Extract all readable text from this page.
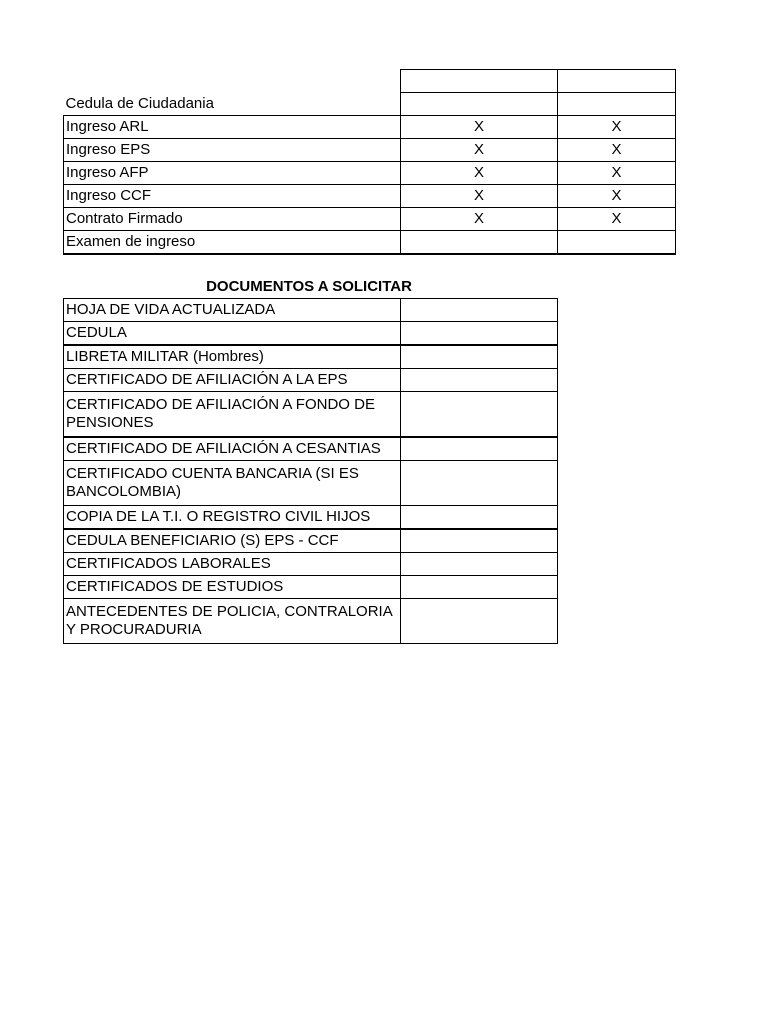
Cedula de Ciudadania		
Ingreso ARL	X	X
Ingreso EPS	X	X
Ingreso AFP	X	X
Ingreso CCF	X	X
Contrato Firmado	X	X
Examen de ingreso		
DOCUMENTOS A SOLICITAR
HOJA DE VIDA ACTUALIZADA	
CEDULA	
LIBRETA MILITAR (Hombres)	
CERTIFICADO DE AFILIACIÓN A LA EPS	
CERTIFICADO DE AFILIACIÓN A FONDO DE PENSIONES	
CERTIFICADO DE AFILIACIÓN A CESANTIAS	
CERTIFICADO CUENTA BANCARIA (SI ES BANCOLOMBIA)	
COPIA DE LA T.I. O REGISTRO CIVIL HIJOS	
CEDULA BENEFICIARIO (S) EPS - CCF	
CERTIFICADOS LABORALES	
CERTIFICADOS DE ESTUDIOS	
ANTECEDENTES DE POLICIA, CONTRALORIA Y PROCURADURIA	
